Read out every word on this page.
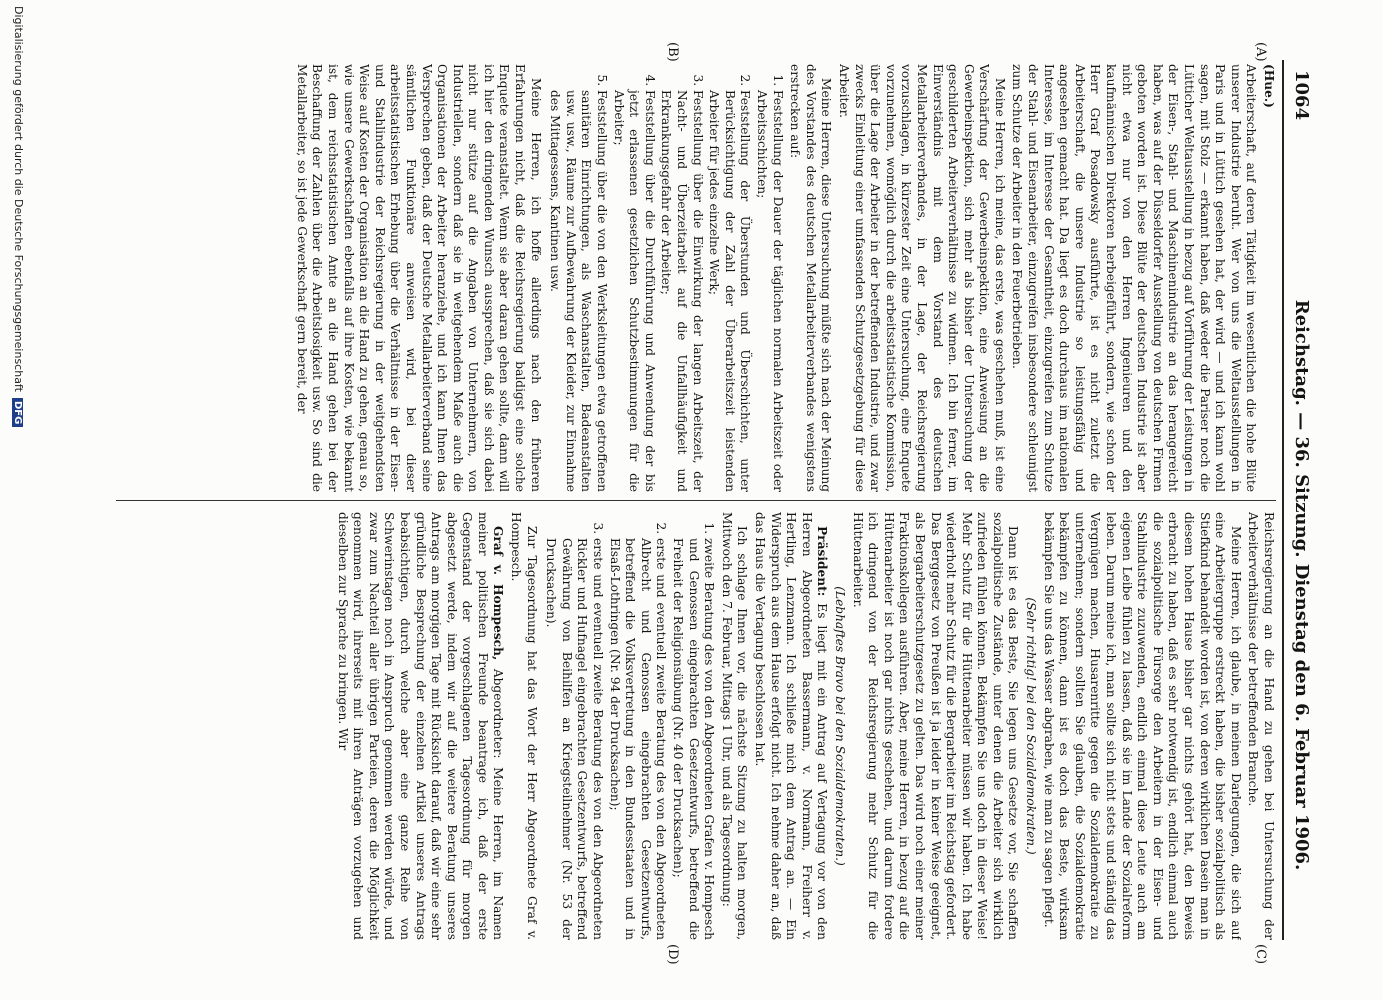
1064
Reichstag. — 36. Sitzung. Dienstag den 6. Februar 1906.
(A)
(B)
(C)
(D)

(Hue.)

Arbeiterschaft, auf deren Tätigkeit im wesentlichen die hohe Blüte unserer Industrie beruht. Wer von uns die Weltausstellungen in Paris und in Lüttich gesehen hat, der wird — und ich kann wohl sagen, mit Stolz — erkannt haben, daß weder die Pariser noch die Lütticher Weltausstellung in bezug auf Vorführung der Leistungen in der Eisen-, Stahl- und Maschinenindustrie an das herangereicht haben, was auf der Düsseldorfer Ausstellung von deutschen Firmen geboten worden ist. Diese Blüte der deutschen Industrie ist aber nicht etwa nur von den Herren Ingenieuren und den kaufmännischen Direktoren herbeigeführt, sondern, wie schon der Herr Graf Posadowsky ausführte, ist es nicht zuletzt die Arbeiterschaft, die unsere Industrie so leistungsfähig und angesehen gemacht hat. Da liegt es doch durchaus im nationalen Interesse, im Interesse der Gesamtheit, einzugreifen zum Schutze der Stahl- und Eisenarbeiter, einzugreifen insbesondere schleunigst zum Schutze der Arbeiter in den Feuerbetrieben.

Meine Herren, ich meine, das erste, was geschehen muß, ist eine Verschärfung der Gewerbeinspektion, eine Anweisung an die Gewerbeinspektion, sich mehr als bisher der Untersuchung der geschilderten Arbeiterverhältnisse zu widmen. Ich bin ferner, im Einverständnis mit dem Vorstand des deutschen Metallarbeiterverbandes, in der Lage, der Reichsregierung vorzuschlagen, in kürzester Zeit eine Untersuchung, eine Enquete vorzunehmen, womöglich durch die arbeitsstatistische Kommission, über die Lage der Arbeiter in der betreffenden Industrie, und zwar zwecks Einleitung einer umfassenden Schutzgesetzgebung für diese Arbeiter.

Meine Herren, diese Untersuchung müßte sich nach der Meinung des Vorstandes des deutschen Metallarbeiterverbandes wenigstens erstrecken auf:

1. Feststellung der Dauer der täglichen normalen Arbeitszeit oder Arbeitsschichten;
2. Feststellung der Überstunden und Überschichten, unter Berücksichtigung der Zahl der Überarbeitszeit leistenden Arbeiter für jedes einzelne Werk;
3. Feststellung über die Einwirkung der langen Arbeitszeit, der Nacht- und Überzeitarbeit auf die Unfallhäufigkeit und Erkrankungsgefahr der Arbeiter;
4. Feststellung über die Durchführung und Anwendung der bis jetzt erlassenen gesetzlichen Schutzbestimmungen für die Arbeiter;
5. Feststellung über die von den Werksleitungen etwa getroffenen sanitären Einrichtungen, als Waschanstalten, Badeanstalten usw. usw., Räume zur Aufbewahrung der Kleider, zur Einnahme des Mittagessens, Kantinen usw.

Meine Herren, ich hoffe allerdings nach den früheren Erfahrungen nicht, daß die Reichsregierung baldigst eine solche Enquete veranstaltet. Wenn sie aber daran gehen sollte, dann will ich hier den dringenden Wunsch aussprechen, daß sie sich dabei nicht nur stütze auf die Angaben von Unternehmern, von Industriellen, sondern daß sie in weitgehendem Maße auch die Organisationen der Arbeiter heranziehe, und ich kann Ihnen das Versprechen geben, daß der Deutsche Metallarbeiterverband seine sämtlichen Funktionäre anweisen wird, bei dieser arbeitsstatistischen Erhebung über die Verhältnisse in der Eisen- und Stahlindustrie der Reichsregierung in der weitgehendsten Weise auf Kosten der Organisation an die Hand zu gehen, genau so, wie unsere Gewerkschaften ebenfalls auf ihre Kosten, wie bekannt ist, dem reichsstatistischen Amte an die Hand gehen bei der Beschaffung der Zahlen über die Arbeitslosigkeit usw. So sind die Metallarbeiter, so ist jede Gewerkschaft gern bereit, der

Reichsregierung an die Hand zu gehen bei Untersuchung der Arbeiterverhältnisse der betreffenden Branche.

Meine Herren, ich glaube, in meinen Darlegungen, die sich auf eine Arbeitergruppe erstreckt haben, die bisher sozialpolitisch als Stiefkind behandelt worden ist, von deren wirklichen Dasein man in diesem hohen Hause bisher gar nichts gehört hat, den Beweis erbracht zu haben, daß es sehr notwendig ist, endlich einmal auch die sozialpolitische Fürsorge den Arbeitern in der Eisen- und Stahlindustrie zuzuwenden, endlich einmal diese Leute auch am eigenen Leibe fühlen zu lassen, daß sie im Lande der Sozialreform leben. Darum meine ich, man sollte sich nicht stets und ständig das Vergnügen machen, Husarenritte gegen die Sozialdemokratie zu unternehmen; sondern sollten Sie glauben, die Sozialdemokratie bekämpfen zu können, dann ist es doch das Beste, wirksam bekämpfen Sie uns das Wasser abgraben, wie man zu sagen pflegt.

(Sehr richtig! bei den Sozialdemokraten.)

Dann ist es das Beste, Sie legen uns Gesetze vor, Sie schaffen sozialpolitische Zustände, unter denen die Arbeiter sich wirklich zufrieden fühlen können. Bekämpfen Sie uns doch in dieser Weise! Mehr Schutz für die Hüttenarbeiter müssen wir haben. Ich habe wiederholt mehr Schutz für die Bergarbeiter im Reichstag gefordert. Das Berggesetz von Preußen ist ja leider in keiner Weise geeignet, als Bergarbeiterschutzgesetz zu gelten. Das wird noch einer meiner Fraktionskollegen ausführen. Aber, meine Herren, in bezug auf die Hüttenarbeiter ist noch gar nichts geschehen, und darum fordere ich dringend von der Reichsregierung mehr Schutz für die Hüttenarbeiter.

(Lebhaftes Bravo bei den Sozialdemokraten.)

Präsident: Es liegt mit ein Antrag auf Vertagung vor von den Herren Abgeordneten Bassermann, v. Normann, Freiherr v. Hertling, Lenzmann. Ich schließe mich dem Antrag an. — Ein Widerspruch aus dem Hause erfolgt nicht. Ich nehme daher an, daß das Haus die Vertagung beschlossen hat.

Ich schlage Ihnen vor, die nächste Sitzung zu halten morgen, Mittwoch den 7. Februar, Mittags 1 Uhr, und als Tagesordnung:

1. zweite Beratung des von den Abgeordneten Grafen v. Hompesch und Genossen eingebrachten Gesetzentwurfs, betreffend die Freiheit der Religionsübung (Nr. 40 der Drucksachen);
2. erste und eventuell zweite Beratung des von den Abgeordneten Albrecht und Genossen eingebrachten Gesetzentwurfs, betreffend die Volksvertretung in den Bundesstaaten und in Elsaß-Lothringen (Nr. 94 der Drucksachen);
3. erste und eventuell zweite Beratung des von den Abgeordneten Rickler und Hufnagel eingebrachten Gesetzentwurfs, betreffend Gewährung von Beihilfen an Kriegsteilnehmer (Nr. 53 der Drucksachen).

Zur Tagesordnung hat das Wort der Herr Abgeordnete Graf v. Hompesch.

Graf v. Hompesch, Abgeordneter: Meine Herren, im Namen meiner politischen Freunde beantrage ich, daß der erste Gegenstand der vorgeschlagenen Tagesordnung für morgen abgesetzt werde, indem wir auf die weitere Beratung unseres Antrags am morgigen Tage mit Rücksicht darauf, daß wir eine sehr gründliche Besprechung der einzelnen Artikel unseres Antrags beabsichtigen, durch welche aber eine ganze Reihe von Schwerinstagen noch in Anspruch genommen werden würde, und zwar zum Nachteil aller übrigen Parteien, deren die Möglichkeit genommen wird, ihrerseits mit ihren Anträgen vorzugehen und dieselben zur Sprache zu bringen. Wir

Digitalisierung gefördert durch die Deutsche ForschungsgemeinschaftDFG
